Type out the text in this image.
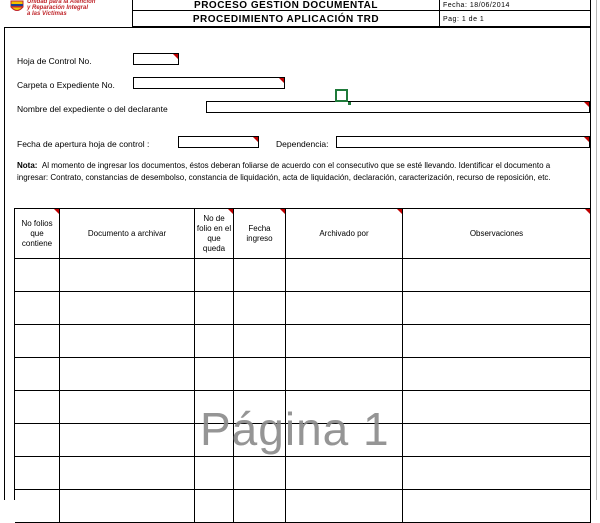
Unidad para la Atención
y Reparación Integral
a las Víctimas
PROCESO GESTIÓN DOCUMENTAL
PROCEDIMIENTO APLICACIÓN TRD
Fecha: 18/06/2014
Pag: 1 de 1
Hoja de Control No.
Carpeta o Expediente No.
Nombre del expediente o del declarante
Fecha de apertura hoja de control :	Dependencia:
Nota: Al momento de ingresar los documentos, éstos deberan foliarse de acuerdo con el consecutivo que se esté llevando. Identificar el documento a ingresar: Contrato, constancias de desembolso, constancia de liquidación, acta de liquidación, declaración, caracterización, recurso de reposición, etc.
No folios que contiene
Documento a archivar
No de folio en el que queda
Fecha ingreso
Archivado por	Observaciones
Página 1
